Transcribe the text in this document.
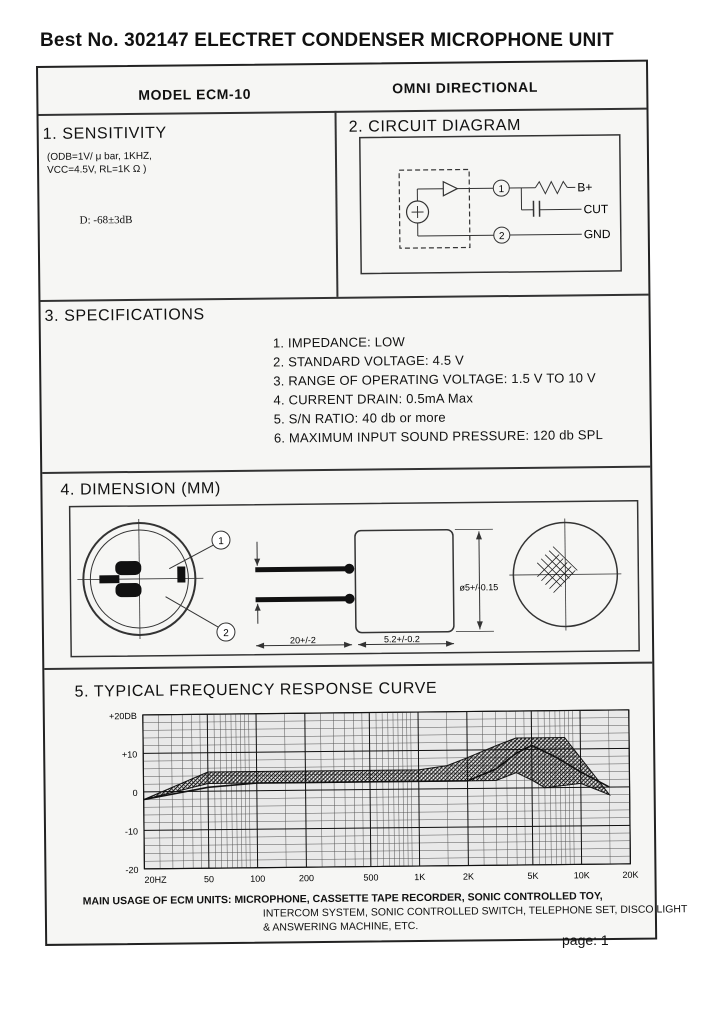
Best No. 302147 ELECTRET CONDENSER MICROPHONE UNIT
MODEL ECM-10	OMNI DIRECTIONAL
1. SENSITIVITY
(ODB=1V/ μ bar, 1KHZ,
VCC=4.5V, RL=1K Ω )
D: -68±3dB
2. CIRCUIT DIAGRAM
1
2
B+
CUT
GND
3. SPECIFICATIONS
1. IMPEDANCE: LOW
2. STANDARD VOLTAGE: 4.5 V
3. RANGE OF OPERATING VOLTAGE: 1.5 V TO 10 V
4. CURRENT DRAIN: 0.5mA Max
5. S/N RATIO: 40 db or more
6. MAXIMUM INPUT SOUND PRESSURE: 120 db SPL
4. DIMENSION (MM)
1
2
ø5+/-0.15
20+/-2	5.2+/-0.2
5. TYPICAL FREQUENCY RESPONSE CURVE
+20DB
+10
0
-10
-20
20HZ	50	100	200	500	1K	2K	5K	10K	20K
MAIN USAGE OF ECM UNITS: MICROPHONE, CASSETTE TAPE RECORDER, SONIC CONTROLLED TOY,
INTERCOM SYSTEM, SONIC CONTROLLED SWITCH, TELEPHONE SET, DISCO LIGHT
& ANSWERING MACHINE, ETC.
page: 1
